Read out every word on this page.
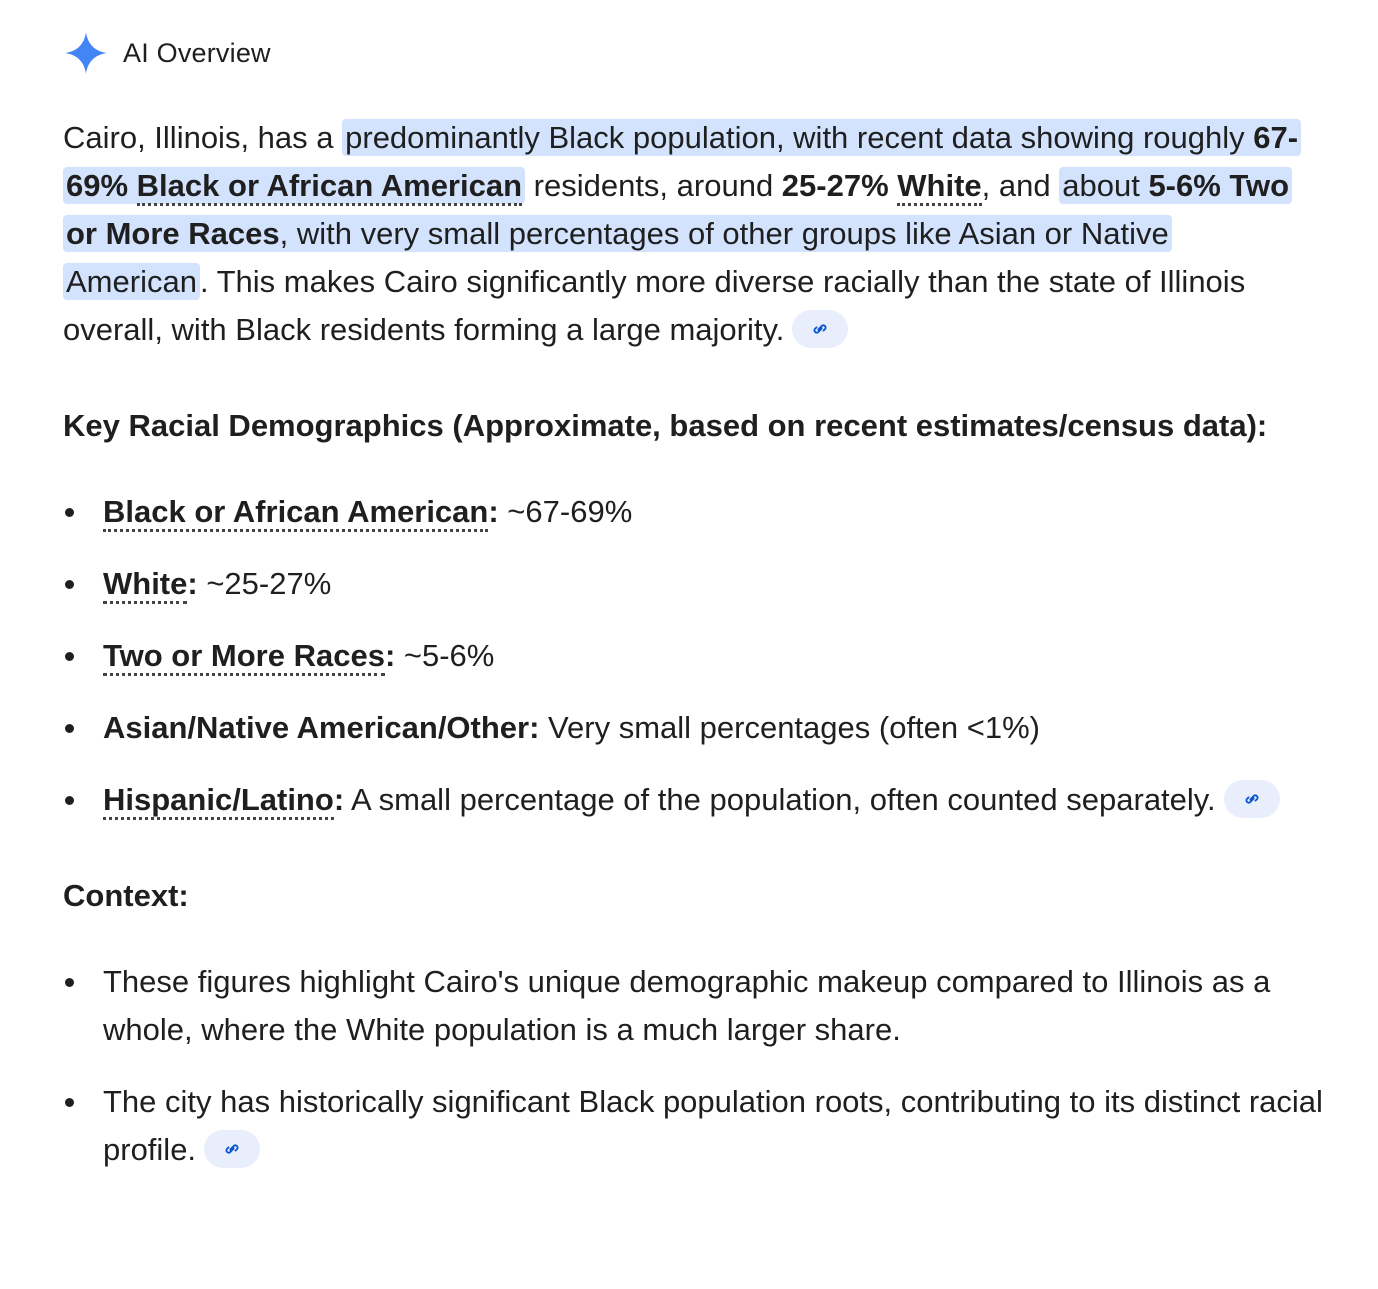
AI Overview

Cairo, Illinois, has a predominantly Black population, with recent data showing roughly 67-69% Black or African American residents, around 25-27% White, and about 5-6% Two or More Races, with very small percentages of other groups like Asian or Native American. This makes Cairo significantly more diverse racially than the state of Illinois overall, with Black residents forming a large majority.

Key Racial Demographics (Approximate, based on recent estimates/census data):
Black or African American: ~67-69%
White: ~25-27%
Two or More Races: ~5-6%
Asian/Native American/Other: Very small percentages (often <1%)
Hispanic/Latino: A small percentage of the population, often counted separately.
Context:
These figures highlight Cairo's unique demographic makeup compared to Illinois as a whole, where the White population is a much larger share.
The city has historically significant Black population roots, contributing to its distinct racial profile.
